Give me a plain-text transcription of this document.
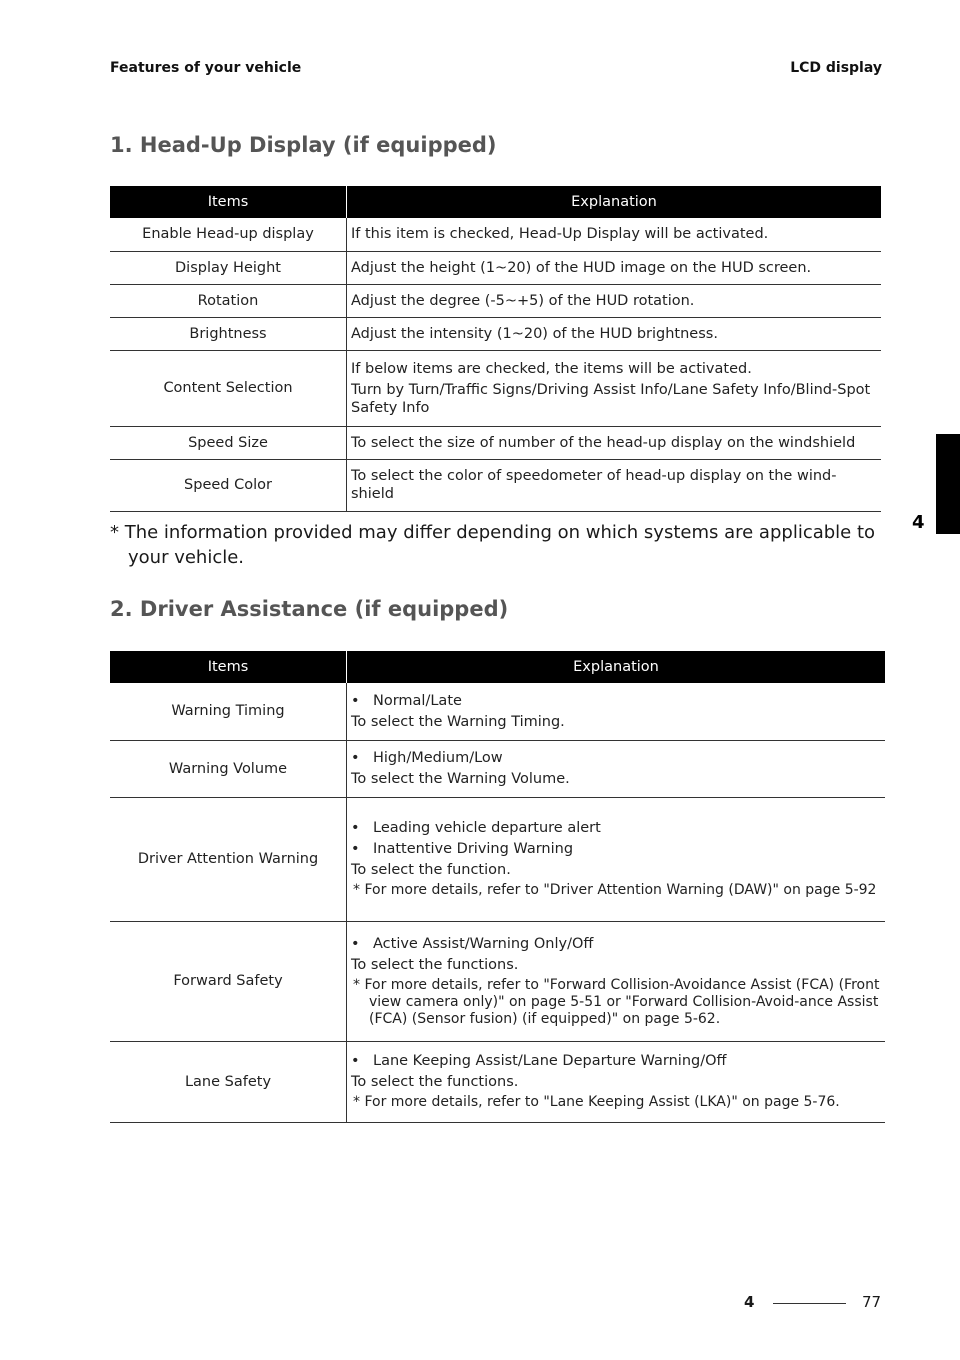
Features of your vehicle	LCD display
1. Head-Up Display (if equipped)
Items	Explanation
Enable Head-up display	If this item is checked, Head-Up Display will be activated.

Display Height	Adjust the height (1~20) of the HUD image on the HUD screen.

Rotation	Adjust the degree (-5~+5) of the HUD rotation.

Brightness	Adjust the intensity (1~20) of the HUD brightness.

Content Selection	If below items are checked, the items will be activated.
Turn by Turn/Traffic Signs/Driving Assist Info/Lane Safety Info/Blind-Spot Safety Info

Speed Size	To select the size of number of the head-up display on the windshield

Speed Color	To select the color of speedometer of head-up display on the wind-shield
* The information provided may differ depending on which systems are applicable to your vehicle.
2. Driver Assistance (if equipped)
Items	Explanation
Warning Timing	• Normal/Late
To select the Warning Timing.

Warning Volume	• High/Medium/Low
To select the Warning Volume.

Driver Attention Warning	• Leading vehicle departure alert
• Inattentive Driving Warning
To select the function.
* For more details, refer to "Driver Attention Warning (DAW)" on page 5-92

Forward Safety	• Active Assist/Warning Only/Off
To select the functions.
* For more details, refer to "Forward Collision-Avoidance Assist (FCA) (Front view camera only)" on page 5-51 or "Forward Collision-Avoid-ance Assist (FCA) (Sensor fusion) (if equipped)" on page 5-62.

Lane Safety	• Lane Keeping Assist/Lane Departure Warning/Off
To select the functions.
* For more details, refer to "Lane Keeping Assist (LKA)" on page 5-76.
4
4	77
